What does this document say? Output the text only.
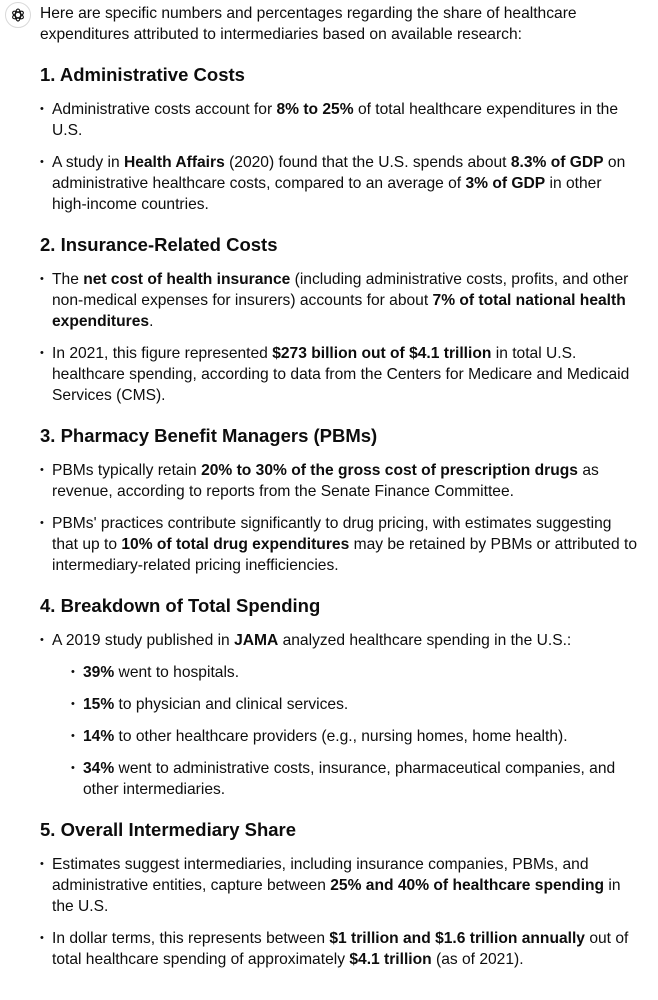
Here are specific numbers and percentages regarding the share of healthcare expenditures attributed to intermediaries based on available research:

1. Administrative Costs
• Administrative costs account for 8% to 25% of total healthcare expenditures in the U.S.
• A study in Health Affairs (2020) found that the U.S. spends about 8.3% of GDP on administrative healthcare costs, compared to an average of 3% of GDP in other high-income countries.
2. Insurance-Related Costs
• The net cost of health insurance (including administrative costs, profits, and other non-medical expenses for insurers) accounts for about 7% of total national health expenditures.
• In 2021, this figure represented $273 billion out of $4.1 trillion in total U.S. healthcare spending, according to data from the Centers for Medicare and Medicaid Services (CMS).
3. Pharmacy Benefit Managers (PBMs)
• PBMs typically retain 20% to 30% of the gross cost of prescription drugs as revenue, according to reports from the Senate Finance Committee.
• PBMs' practices contribute significantly to drug pricing, with estimates suggesting that up to 10% of total drug expenditures may be retained by PBMs or attributed to intermediary-related pricing inefficiencies.
4. Breakdown of Total Spending
• A 2019 study published in JAMA analyzed healthcare spending in the U.S.:
• 39% went to hospitals.
• 15% to physician and clinical services.
• 14% to other healthcare providers (e.g., nursing homes, home health).
• 34% went to administrative costs, insurance, pharmaceutical companies, and other intermediaries.
5. Overall Intermediary Share
• Estimates suggest intermediaries, including insurance companies, PBMs, and administrative entities, capture between 25% and 40% of healthcare spending in the U.S.
• In dollar terms, this represents between $1 trillion and $1.6 trillion annually out of total healthcare spending of approximately $4.1 trillion (as of 2021).
